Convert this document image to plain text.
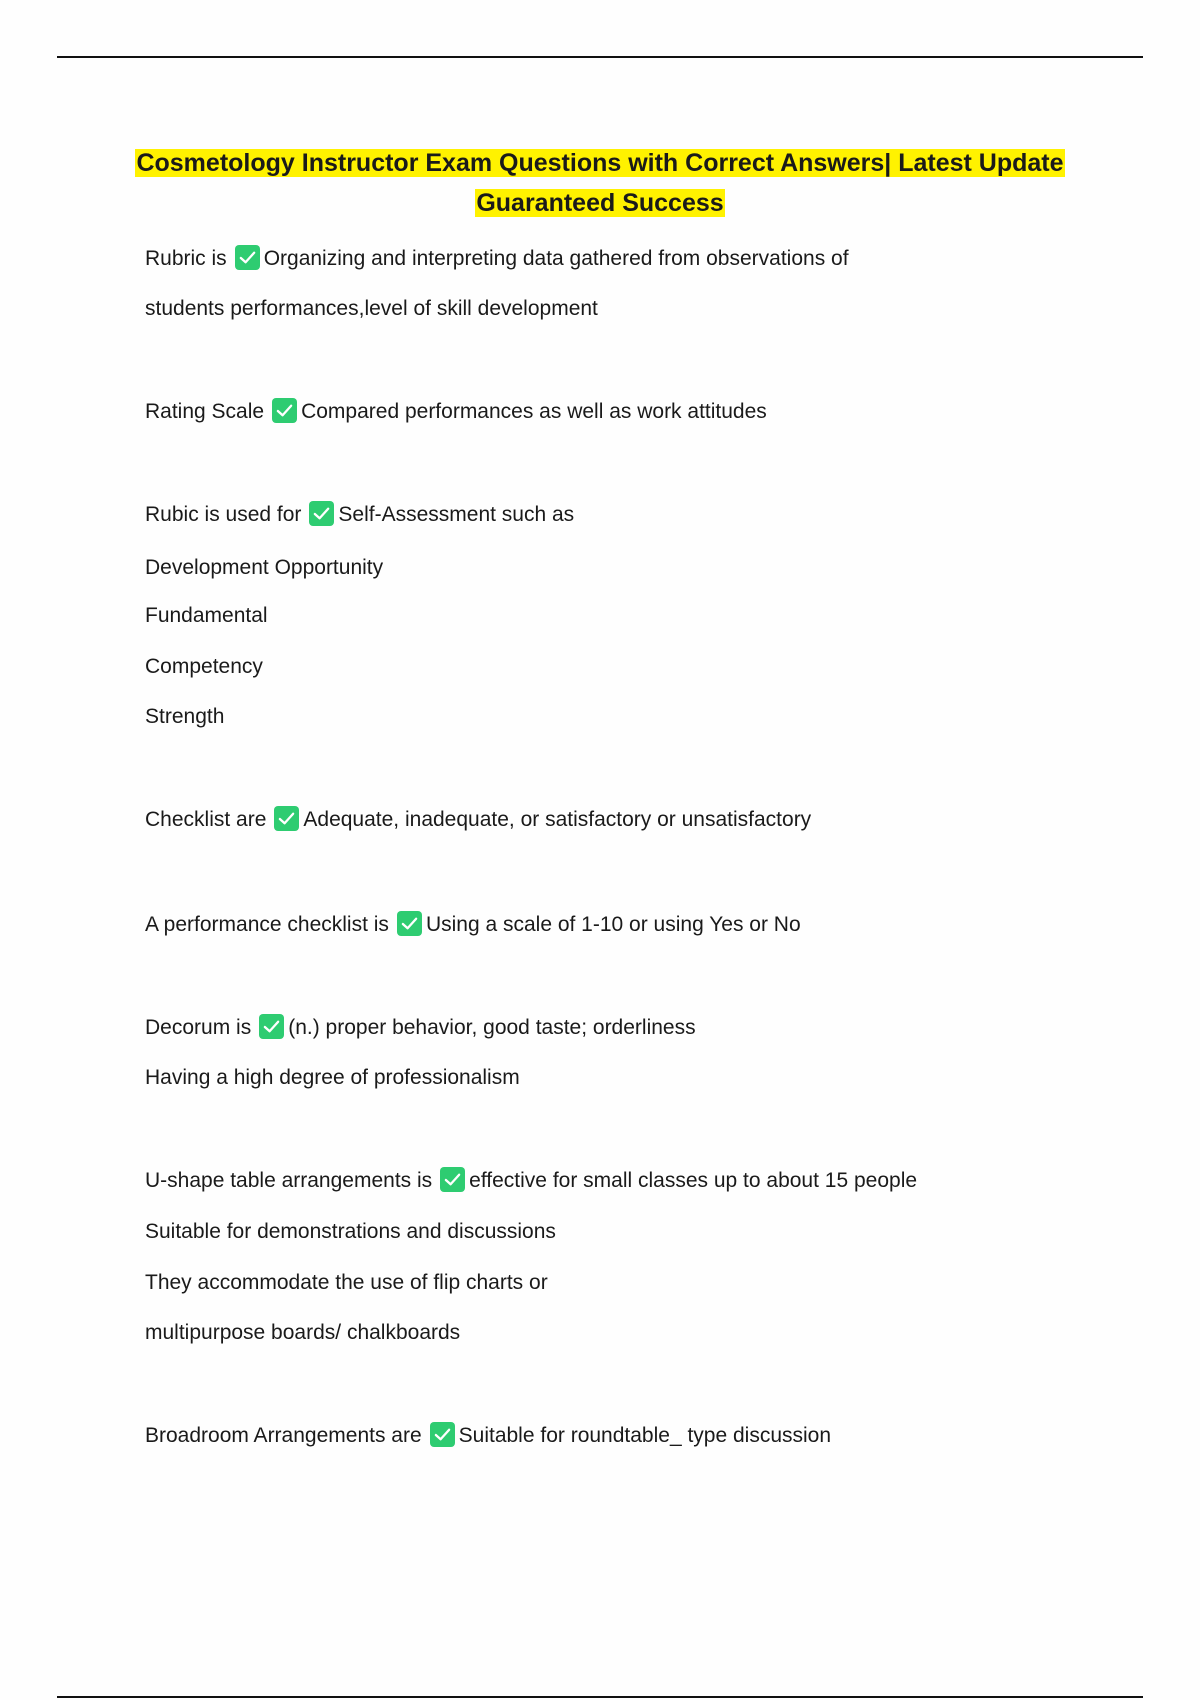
Cosmetology Instructor Exam Questions with Correct Answers| Latest Update
Guaranteed Success
Rubric is Organizing and interpreting data gathered from observations of
students performances,level of skill development
Rating Scale Compared performances as well as work attitudes
Rubic is used for Self-Assessment such as
Development Opportunity
Fundamental
Competency
Strength
Checklist are Adequate, inadequate, or satisfactory or unsatisfactory
A performance checklist is Using a scale of 1-10 or using Yes or No
Decorum is (n.) proper behavior, good taste; orderliness
Having a high degree of professionalism
U-shape table arrangements is effective for small classes up to about 15 people
Suitable for demonstrations and discussions
They accommodate the use of flip charts or
multipurpose boards/ chalkboards
Broadroom Arrangements are Suitable for roundtable_ type discussion
